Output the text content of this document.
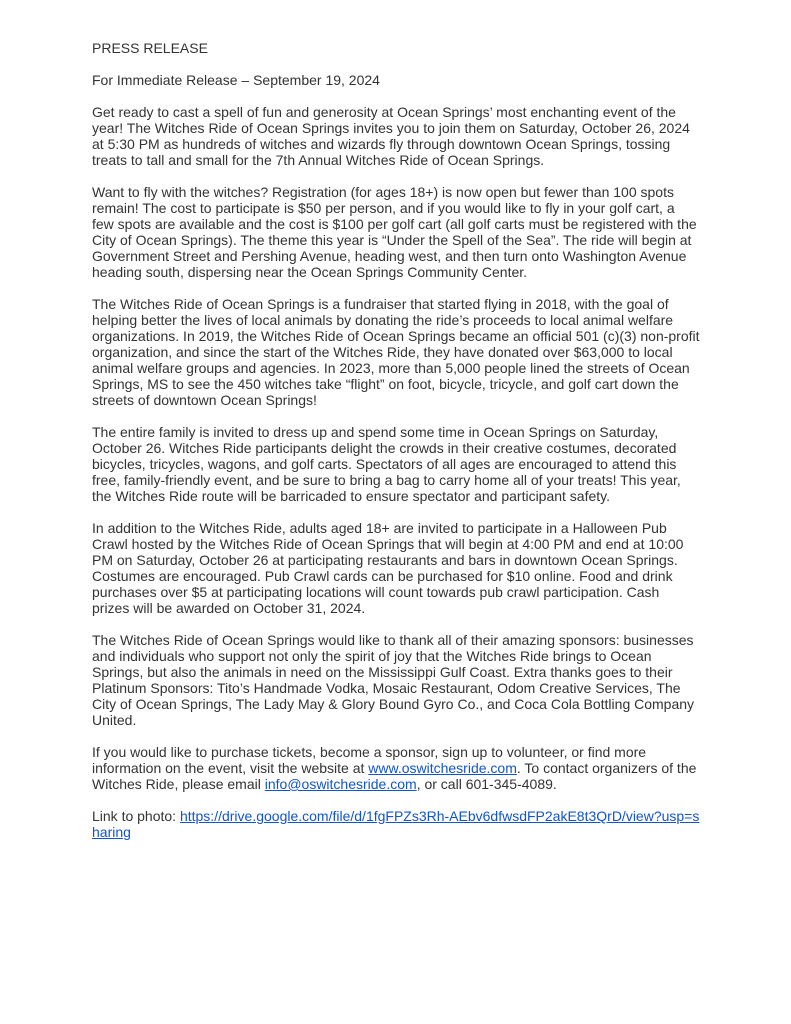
PRESS RELEASE

For Immediate Release – September 19, 2024

Get ready to cast a spell of fun and generosity at Ocean Springs’ most enchanting event of the year! The Witches Ride of Ocean Springs invites you to join them on Saturday, October 26, 2024 at 5:30 PM as hundreds of witches and wizards fly through downtown Ocean Springs, tossing treats to tall and small for the 7th Annual Witches Ride of Ocean Springs.

Want to fly with the witches? Registration (for ages 18+) is now open but fewer than 100 spots remain! The cost to participate is $50 per person, and if you would like to fly in your golf cart, a few spots are available and the cost is $100 per golf cart (all golf carts must be registered with the City of Ocean Springs). The theme this year is “Under the Spell of the Sea”. The ride will begin at Government Street and Pershing Avenue, heading west, and then turn onto Washington Avenue heading south, dispersing near the Ocean Springs Community Center.

The Witches Ride of Ocean Springs is a fundraiser that started flying in 2018, with the goal of helping better the lives of local animals by donating the ride’s proceeds to local animal welfare organizations. In 2019, the Witches Ride of Ocean Springs became an official 501 (c)(3) non-profit organization, and since the start of the Witches Ride, they have donated over $63,000 to local animal welfare groups and agencies. In 2023, more than 5,000 people lined the streets of Ocean Springs, MS to see the 450 witches take “flight” on foot, bicycle, tricycle, and golf cart down the streets of downtown Ocean Springs!

The entire family is invited to dress up and spend some time in Ocean Springs on Saturday, October 26. Witches Ride participants delight the crowds in their creative costumes, decorated bicycles, tricycles, wagons, and golf carts. Spectators of all ages are encouraged to attend this free, family-friendly event, and be sure to bring a bag to carry home all of your treats! This year, the Witches Ride route will be barricaded to ensure spectator and participant safety.

In addition to the Witches Ride, adults aged 18+ are invited to participate in a Halloween Pub Crawl hosted by the Witches Ride of Ocean Springs that will begin at 4:00 PM and end at 10:00 PM on Saturday, October 26 at participating restaurants and bars in downtown Ocean Springs. Costumes are encouraged. Pub Crawl cards can be purchased for $10 online. Food and drink purchases over $5 at participating locations will count towards pub crawl participation. Cash prizes will be awarded on October 31, 2024.

The Witches Ride of Ocean Springs would like to thank all of their amazing sponsors: businesses and individuals who support not only the spirit of joy that the Witches Ride brings to Ocean Springs, but also the animals in need on the Mississippi Gulf Coast. Extra thanks goes to their Platinum Sponsors: Tito’s Handmade Vodka, Mosaic Restaurant, Odom Creative Services, The City of Ocean Springs, The Lady May & Glory Bound Gyro Co., and Coca Cola Bottling Company United.

If you would like to purchase tickets, become a sponsor, sign up to volunteer, or find more information on the event, visit the website at www.oswitchesride.com. To contact organizers of the Witches Ride, please email info@oswitchesride.com, or call 601-345-4089.

Link to photo: https://drive.google.com/file/d/1fgFPZs3Rh-AEbv6dfwsdFP2akE8t3QrD/view?usp=sharing
